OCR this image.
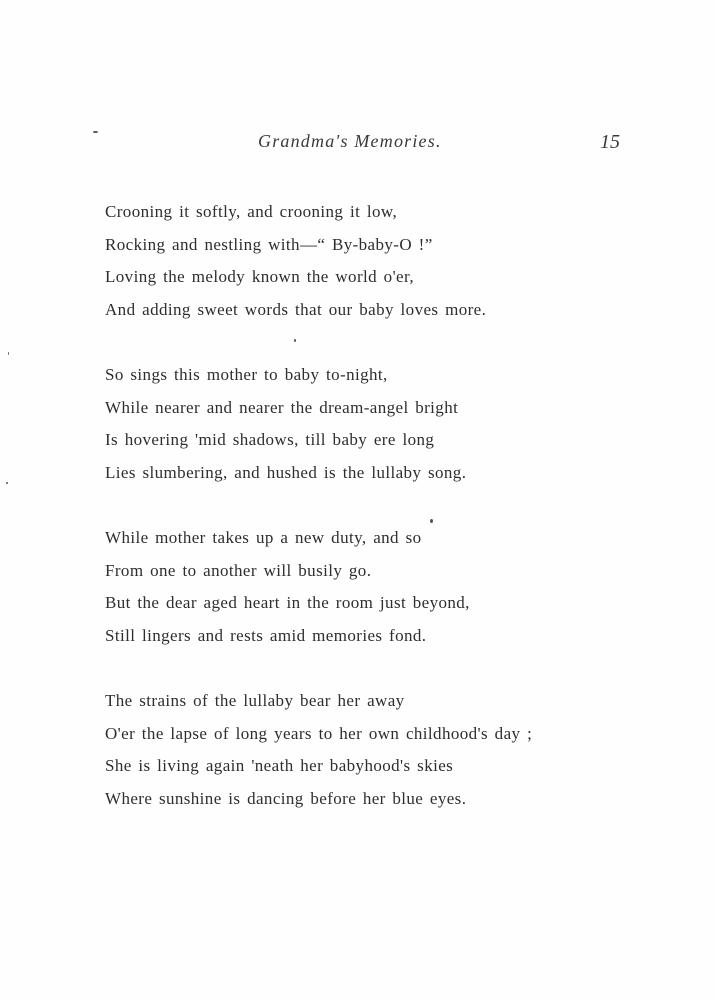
Grandma's Memories.	15
Crooning it softly, and crooning it low,
Rocking and nestling with—“ By-baby-O !”
Loving the melody known the world o'er,
And adding sweet words that our baby loves more.
So sings this mother to baby to-night,
While nearer and nearer the dream-angel bright
Is hovering 'mid shadows, till baby ere long
Lies slumbering, and hushed is the lullaby song.
While mother takes up a new duty, and so
From one to another will busily go.
But the dear aged heart in the room just beyond,
Still lingers and rests amid memories fond.
The strains of the lullaby bear her away
O'er the lapse of long years to her own childhood's day ;
She is living again 'neath her babyhood's skies
Where sunshine is dancing before her blue eyes.
